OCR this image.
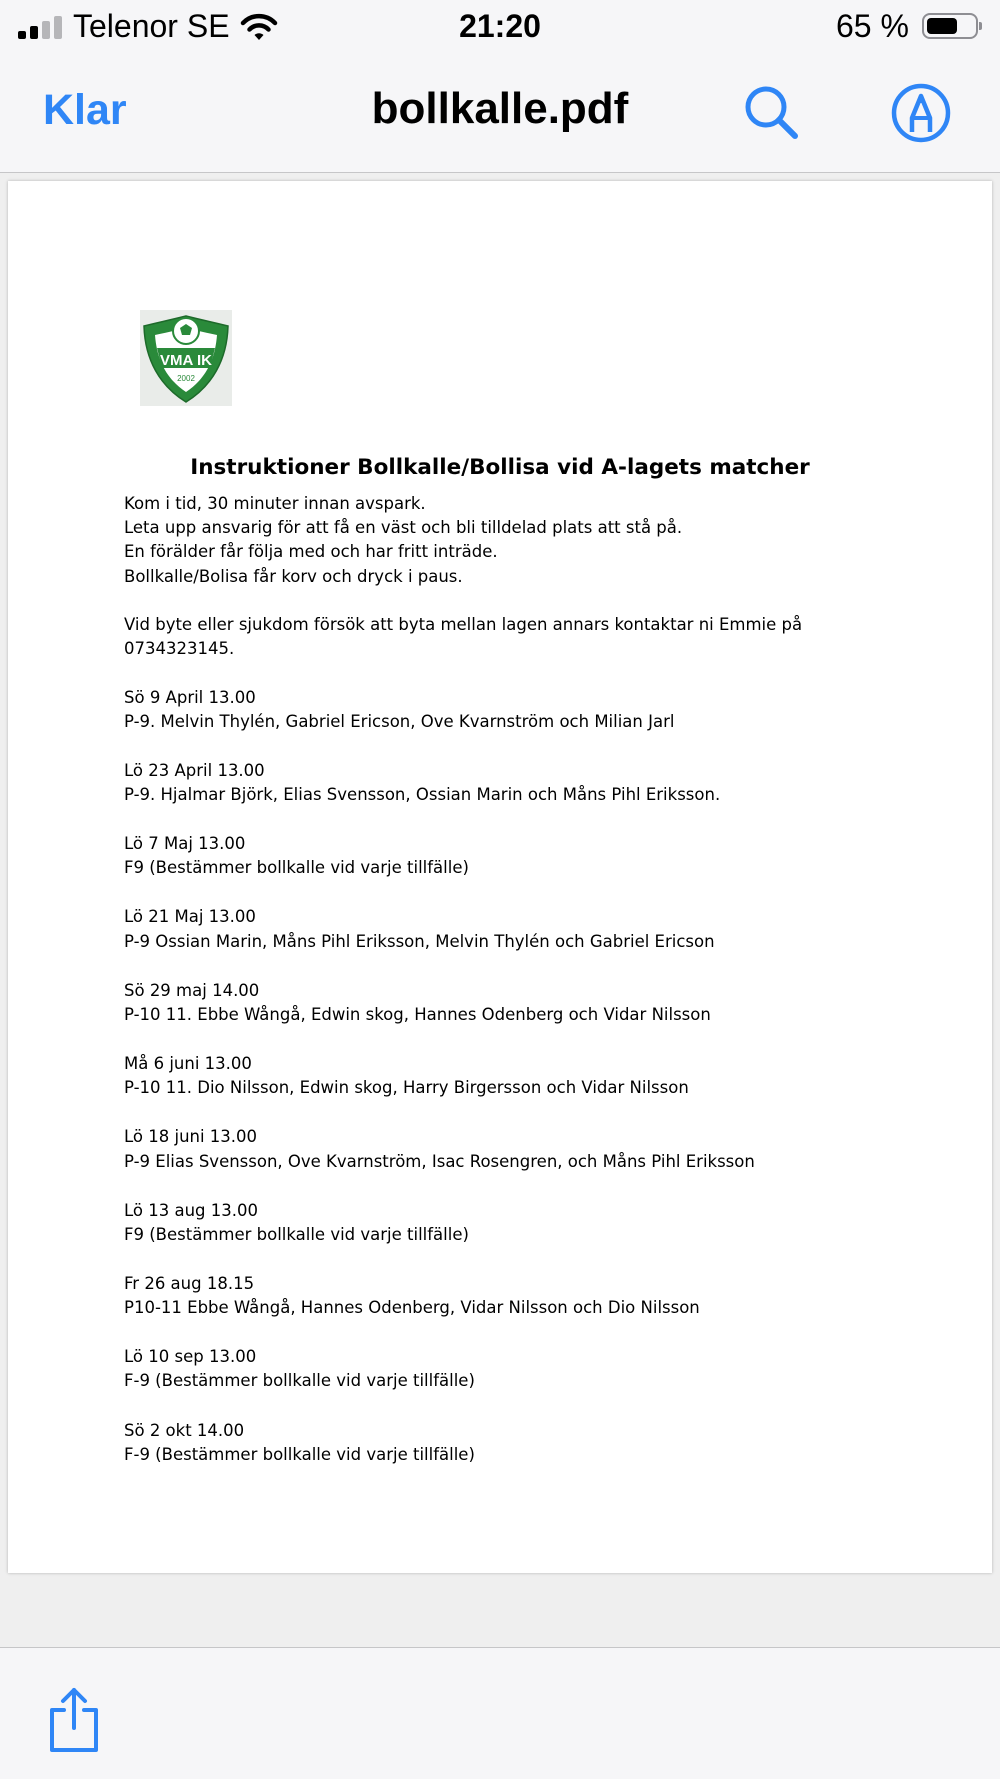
Telenor SE	21:20	65 %
Klar	bollkalle.pdf
VMA IK
2002
Instruktioner Bollkalle/Bollisa vid A-lagets matcher

Kom i tid, 30 minuter innan avspark.

Leta upp ansvarig för att få en väst och bli tilldelad plats att stå på.

En förälder får följa med och har fritt inträde.

Bollkalle/Bolisa får korv och dryck i paus.

Vid byte eller sjukdom försök att byta mellan lagen annars kontaktar ni Emmie på

0734323145.

Sö 9 April 13.00

P-9. Melvin Thylén, Gabriel Ericson, Ove Kvarnström och Milian Jarl

Lö 23 April 13.00

P-9. Hjalmar Björk, Elias Svensson, Ossian Marin och Måns Pihl Eriksson.

Lö 7 Maj 13.00

F9 (Bestämmer bollkalle vid varje tillfälle)

Lö 21 Maj 13.00

P-9 Ossian Marin, Måns Pihl Eriksson, Melvin Thylén och Gabriel Ericson

Sö 29 maj 14.00

P-10 11. Ebbe Wångå, Edwin skog, Hannes Odenberg och Vidar Nilsson

Må 6 juni 13.00

P-10 11. Dio Nilsson, Edwin skog, Harry Birgersson och Vidar Nilsson

Lö 18 juni 13.00

P-9 Elias Svensson, Ove Kvarnström, Isac Rosengren, och Måns Pihl Eriksson

Lö 13 aug 13.00

F9 (Bestämmer bollkalle vid varje tillfälle)

Fr 26 aug 18.15

P10-11 Ebbe Wångå, Hannes Odenberg, Vidar Nilsson och Dio Nilsson

Lö 10 sep 13.00

F-9 (Bestämmer bollkalle vid varje tillfälle)

Sö 2 okt 14.00

F-9 (Bestämmer bollkalle vid varje tillfälle)
